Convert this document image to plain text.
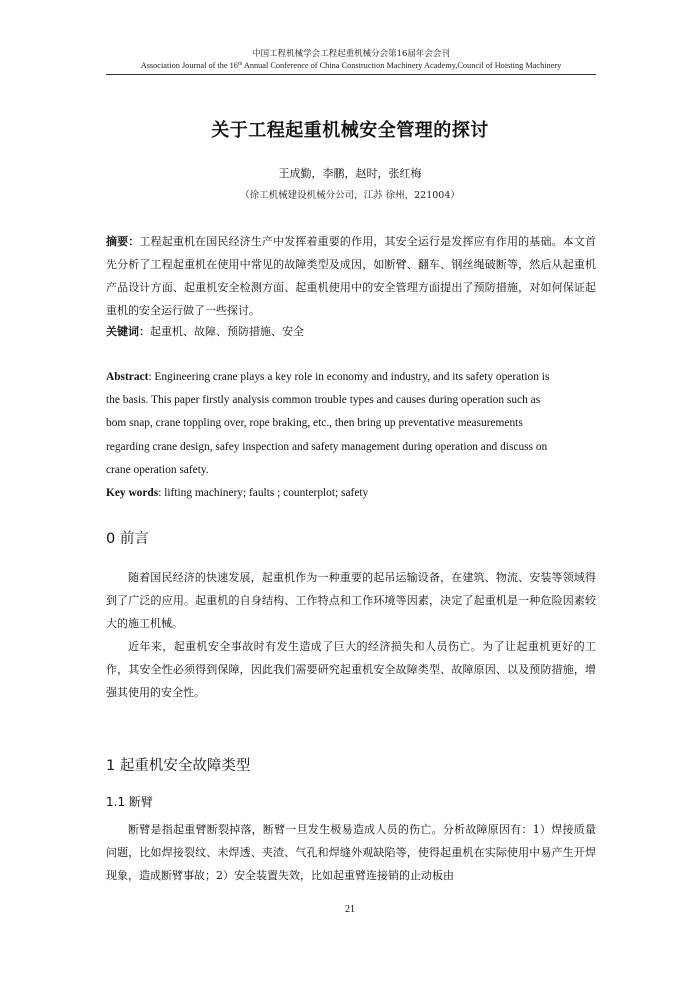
中国工程机械学会工程起重机械分会第16届年会会刊
Association Journal of the 16th Annual Conference of China Construction Machinery Academy,Council of Hoisting Machinery
关于工程起重机械安全管理的探讨
王成勤，李鹏，赵时，张红梅
（徐工机械建设机械分公司，江苏 徐州，221004）
摘要：工程起重机在国民经济生产中发挥着重要的作用，其安全运行是发挥应有作用的基础。本文首先分析了工程起重机在使用中常见的故障类型及成因，如断臂、翻车、钢丝绳破断等，然后从起重机产品设计方面、起重机安全检测方面、起重机使用中的安全管理方面提出了预防措施，对如何保证起重机的安全运行做了一些探讨。
关键词：起重机、故障、预防措施、安全
Abstract: Engineering crane plays a key role in economy and industry, and its safety operation is
the basis. This paper firstly analysis common trouble types and causes during operation such as
bom snap, crane toppling over, rope braking, etc., then bring up preventative measurements
regarding crane design, safey inspection and safety management during operation and discuss on
crane operation safety.
Key words: lifting machinery; faults ; counterplot; safety
0 前言

随着国民经济的快速发展，起重机作为一种重要的起吊运输设备，在建筑、物流、安装等领域得到了广泛的应用。起重机的自身结构、工作特点和工作环境等因素，决定了起重机是一种危险因素较大的施工机械。

近年来，起重机安全事故时有发生造成了巨大的经济损失和人员伤亡。为了让起重机更好的工作，其安全性必须得到保障，因此我们需要研究起重机安全故障类型、故障原因、以及预防措施，增强其使用的安全性。

1 起重机安全故障类型
1.1 断臂

断臂是指起重臂断裂掉落，断臂一旦发生极易造成人员的伤亡。分析故障原因有：1）焊接质量问题，比如焊接裂纹、未焊透、夹渣、气孔和焊缝外观缺陷等，使得起重机在实际使用中易产生开焊现象，造成断臂事故；2）安全装置失效，比如起重臂连接销的止动板由

21
